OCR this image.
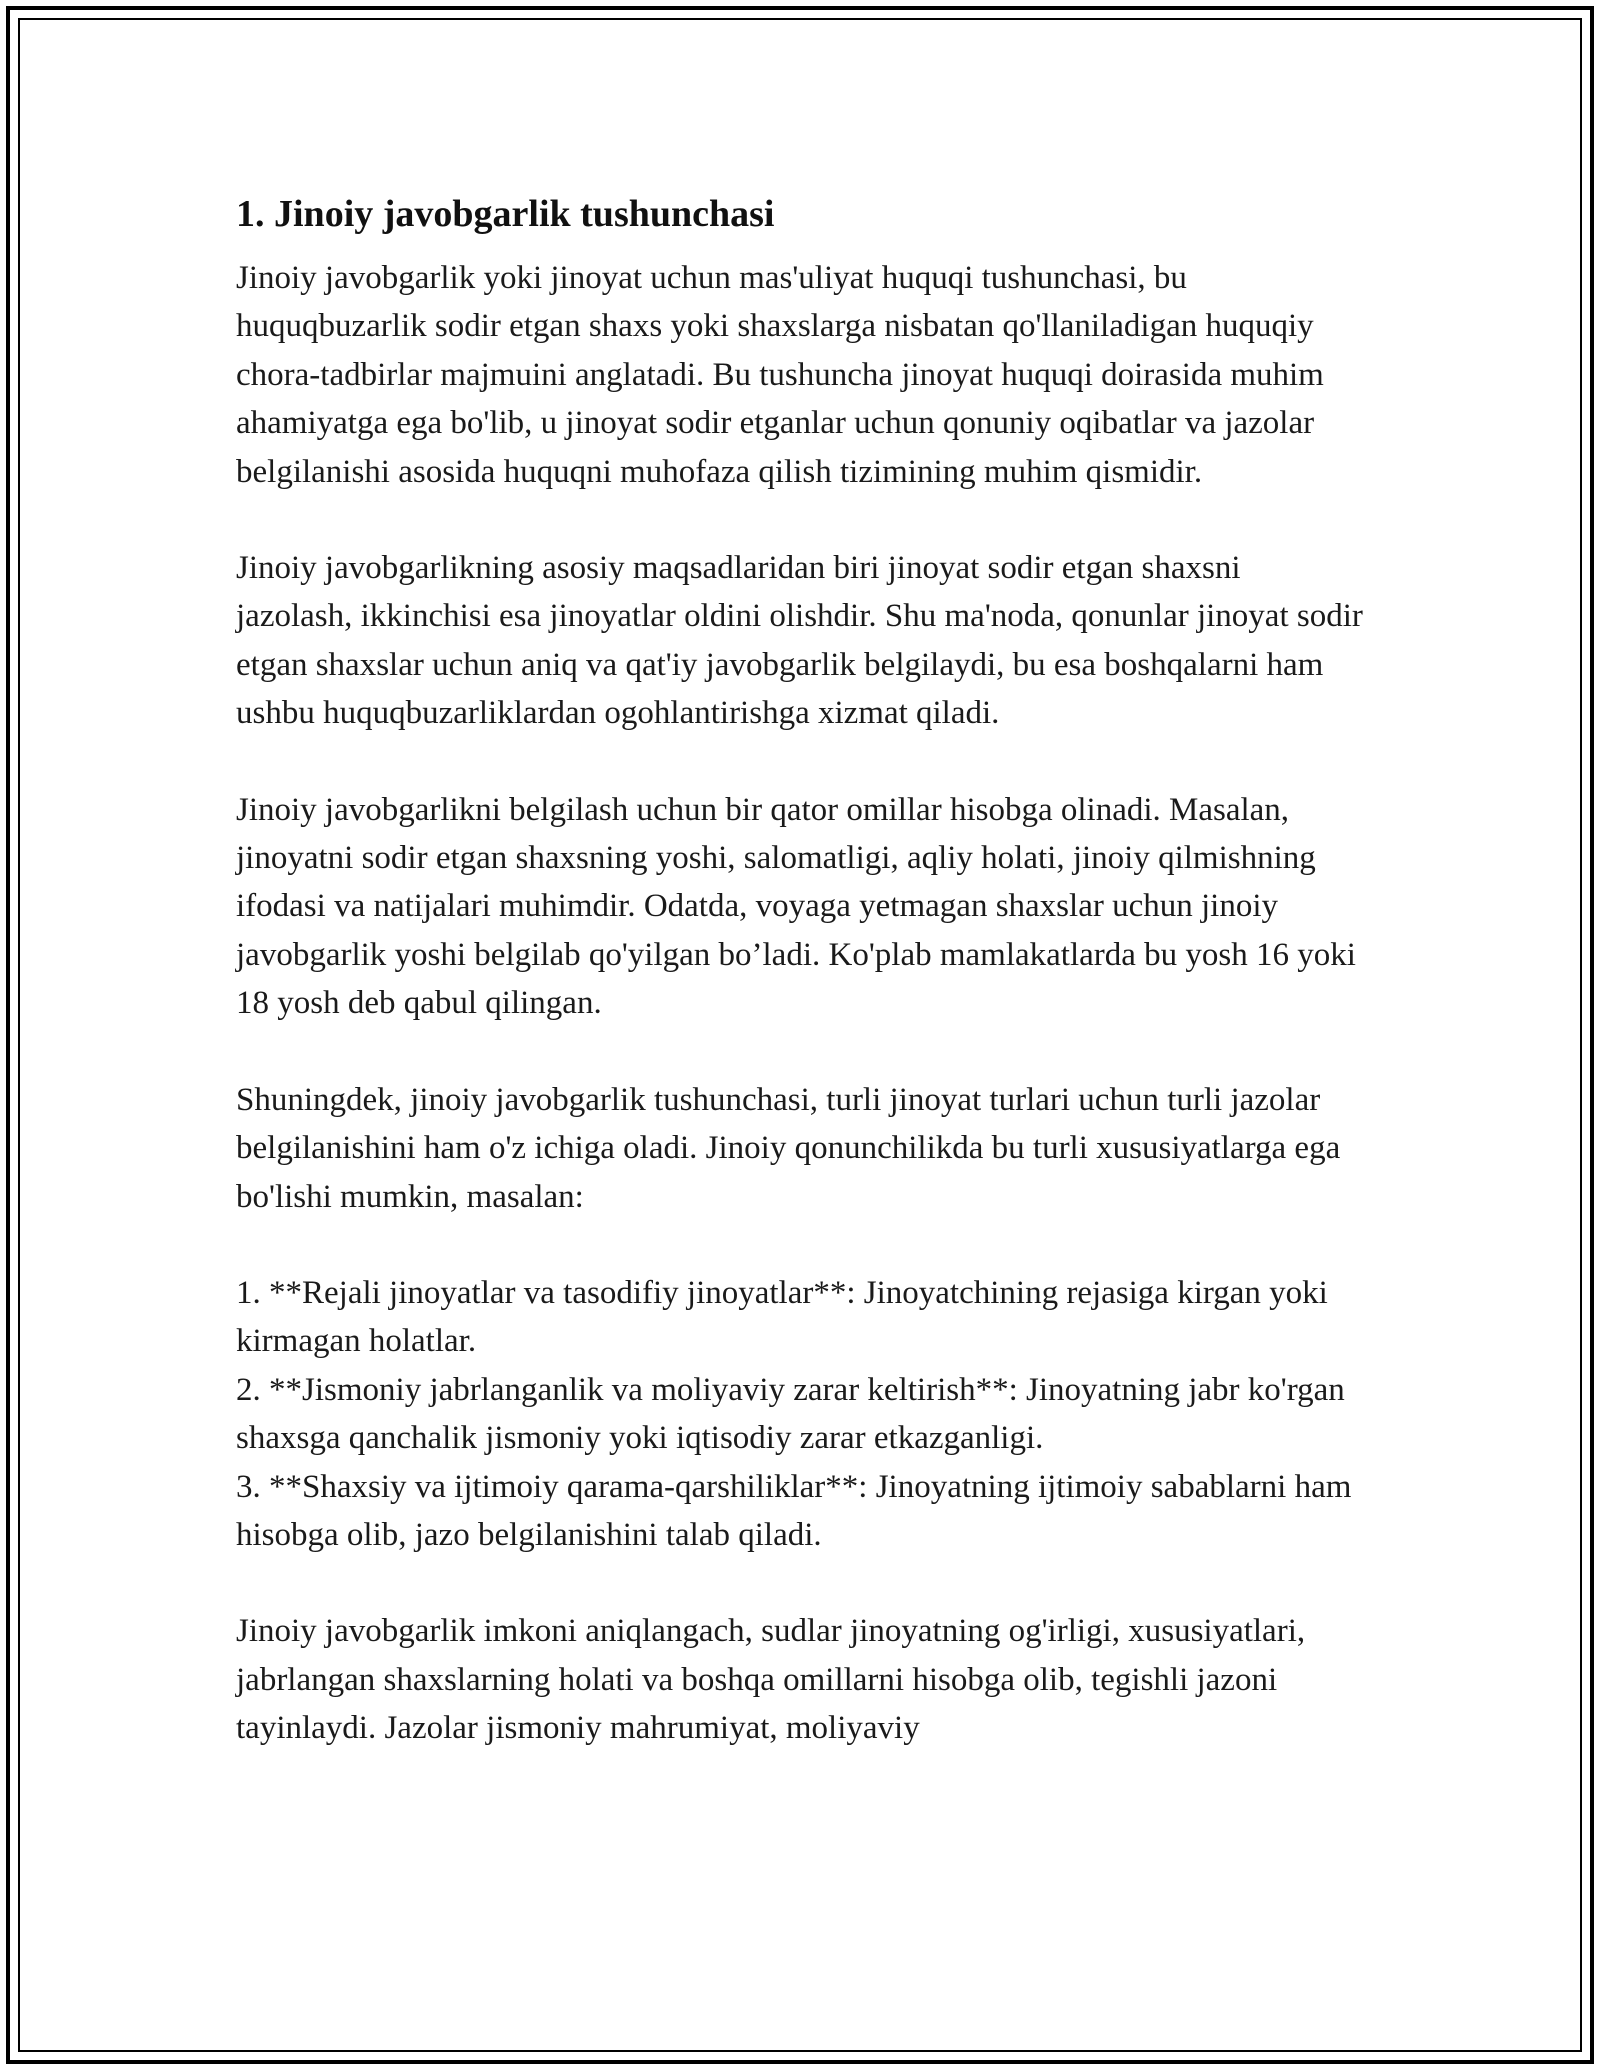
1. Jinoiy javobgarlik tushunchasi

Jinoiy javobgarlik yoki jinoyat uchun mas'uliyat huquqi tushunchasi, bu huquqbuzarlik sodir etgan shaxs yoki shaxslarga nisbatan qo'llaniladigan huquqiy chora-tadbirlar majmuini anglatadi. Bu tushuncha jinoyat huquqi doirasida muhim ahamiyatga ega bo'lib, u jinoyat sodir etganlar uchun qonuniy oqibatlar va jazolar belgilanishi asosida huquqni muhofaza qilish tizimining muhim qismidir.

Jinoiy javobgarlikning asosiy maqsadlaridan biri jinoyat sodir etgan shaxsni jazolash, ikkinchisi esa jinoyatlar oldini olishdir. Shu ma'noda, qonunlar jinoyat sodir etgan shaxslar uchun aniq va qat'iy javobgarlik belgilaydi, bu esa boshqalarni ham ushbu huquqbuzarliklardan ogohlantirishga xizmat qiladi.

Jinoiy javobgarlikni belgilash uchun bir qator omillar hisobga olinadi. Masalan, jinoyatni sodir etgan shaxsning yoshi, salomatligi, aqliy holati, jinoiy qilmishning ifodasi va natijalari muhimdir. Odatda, voyaga yetmagan shaxslar uchun jinoiy javobgarlik yoshi belgilab qo'yilgan bo’ladi. Ko'plab mamlakatlarda bu yosh 16 yoki 18 yosh deb qabul qilingan.

Shuningdek, jinoiy javobgarlik tushunchasi, turli jinoyat turlari uchun turli jazolar belgilanishini ham o'z ichiga oladi. Jinoiy qonunchilikda bu turli xususiyatlarga ega bo'lishi mumkin, masalan:

1. **Rejali jinoyatlar va tasodifiy jinoyatlar**: Jinoyatchining rejasiga kirgan yoki kirmagan holatlar.
2. **Jismoniy jabrlanganlik va moliyaviy zarar keltirish**: Jinoyatning jabr ko'rgan shaxsga qanchalik jismoniy yoki iqtisodiy zarar etkazganligi.
3. **Shaxsiy va ijtimoiy qarama-qarshiliklar**: Jinoyatning ijtimoiy sabablarni ham hisobga olib, jazo belgilanishini talab qiladi.

Jinoiy javobgarlik imkoni aniqlangach, sudlar jinoyatning og'irligi, xususiyatlari, jabrlangan shaxslarning holati va boshqa omillarni hisobga olib, tegishli jazoni tayinlaydi. Jazolar jismoniy mahrumiyat, moliyaviy
